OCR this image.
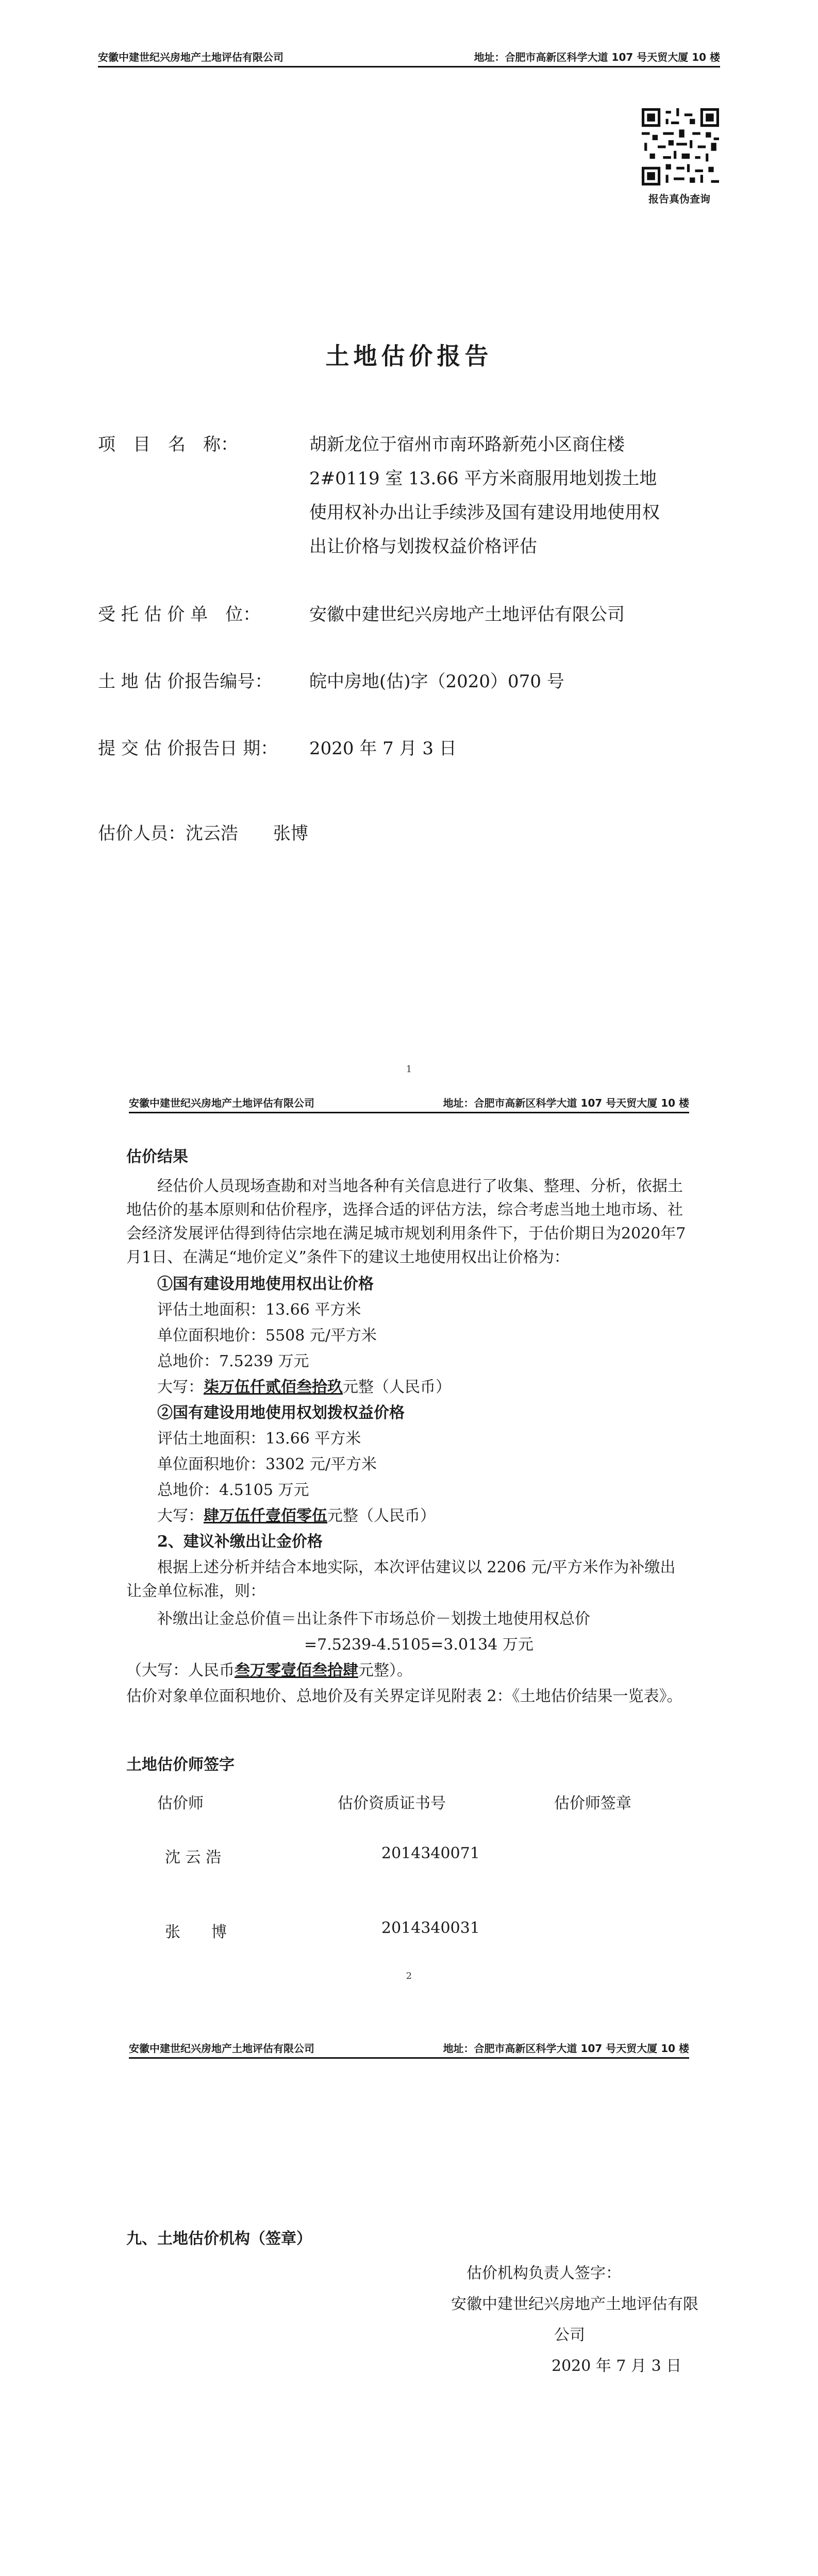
安徽中建世纪兴房地产土地评估有限公司	地址：合肥市高新区科学大道 107 号天贸大厦 10 楼
报告真伪查询
土地估价报告
项　目　名　称：	胡新龙位于宿州市南环路新苑小区商住楼 2#0119 室 13.66 平方米商服用地划拨土地使用权补办出让手续涉及国有建设用地使用权出让价格与划拨权益价格评估
受 托 估 价 单　位：	安徽中建世纪兴房地产土地评估有限公司
土 地 估 价报告编号： 皖中房地(估)字（2020）070 号
提 交 估 价报告日 期： 2020 年 7 月 3 日
估价人员：沈云浩　　张博
1
安徽中建世纪兴房地产土地评估有限公司	地址：合肥市高新区科学大道 107 号天贸大厦 10 楼
估价结果
经估价人员现场查勘和对当地各种有关信息进行了收集、整理、分析，依据土地估价的基本原则和估价程序，选择合适的评估方法，综合考虑当地土地市场、社会经济发展评估得到待估宗地在满足城市规划利用条件下，于估价期日为2020年7月1日、在满足“地价定义”条件下的建议土地使用权出让价格为：
①国有建设用地使用权出让价格
评估土地面积：13.66 平方米
单位面积地价：5508 元/平方米
总地价：7.5239 万元
大写：柒万伍仟贰佰叁拾玖元整（人民币）
②国有建设用地使用权划拨权益价格
评估土地面积：13.66 平方米
单位面积地价：3302 元/平方米
总地价：4.5105 万元
大写：肆万伍仟壹佰零伍元整（人民币）
2、建议补缴出让金价格
根据上述分析并结合本地实际，本次评估建议以 2206 元/平方米作为补缴出让金单位标准，则：
补缴出让金总价值＝出让条件下市场总价－划拨土地使用权总价
=7.5239-4.5105=3.0134 万元
（大写：人民币叁万零壹佰叁拾肆元整）。
估价对象单位面积地价、总地价及有关界定详见附表 2：《土地估价结果一览表》。
土地估价师签字
估价师	估价资质证书号	估价师签章
沈 云 浩	2014340071
张　　博	2014340031
2
安徽中建世纪兴房地产土地评估有限公司	地址：合肥市高新区科学大道 107 号天贸大厦 10 楼
九、土地估价机构（签章）
估价机构负责人签字：
安徽中建世纪兴房地产土地评估有限
公司
2020 年 7 月 3 日
